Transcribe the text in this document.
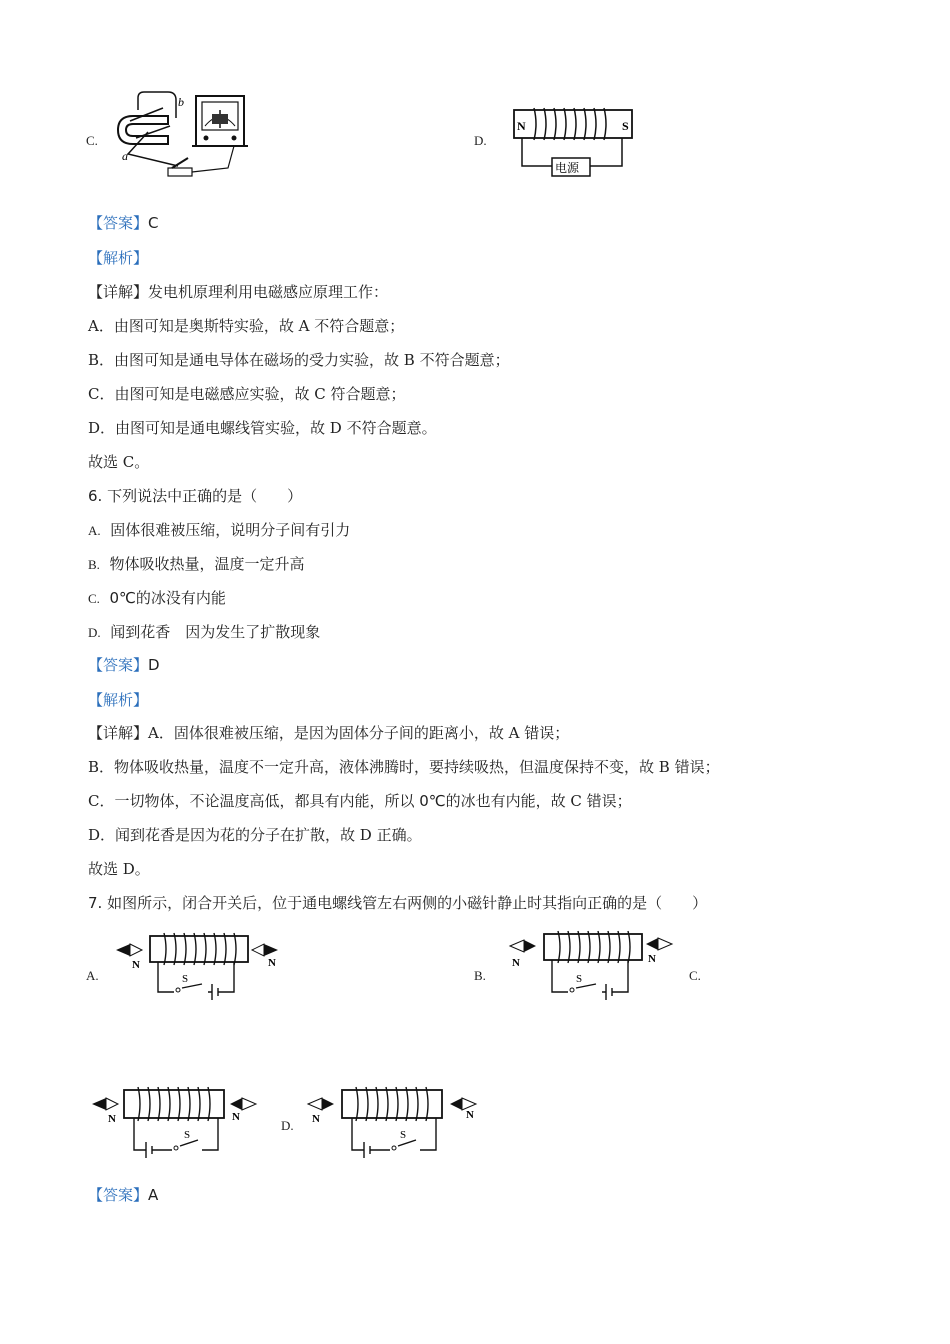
C.
a
b
D.
N	S
电源
【答案】C
【解析】
【详解】发电机原理利用电磁感应原理工作：
A．由图可知是奥斯特实验，故 A 不符合题意；
B．由图可知是通电导体在磁场的受力实验，故 B 不符合题意；
C．由图可知是电磁感应实验，故 C 符合题意；
D．由图可知是通电螺线管实验，故 D 不符合题意。
故选 C。
6. 下列说法中正确的是（　　）
A. 固体很难被压缩，说明分子间有引力
B. 物体吸收热量，温度一定升高
C. 0℃的冰没有内能
D. 闻到花香　因为发生了扩散现象
【答案】D
【解析】
【详解】A．固体很难被压缩，是因为固体分子间的距离小，故 A 错误；
B．物体吸收热量，温度不一定升高，液体沸腾时，要持续吸热，但温度保持不变，故 B 错误；
C．一切物体，不论温度高低，都具有内能，所以 0℃的冰也有内能，故 C 错误；
D．闻到花香是因为花的分子在扩散，故 D 正确。
故选 D。
7. 如图所示，闭合开关后，位于通电螺线管左右两侧的小磁针静止时其指向正确的是（　　）
A.
N	N
S	B.
N	N
S	C.
N	N
S
D. N	N
S
【答案】A
